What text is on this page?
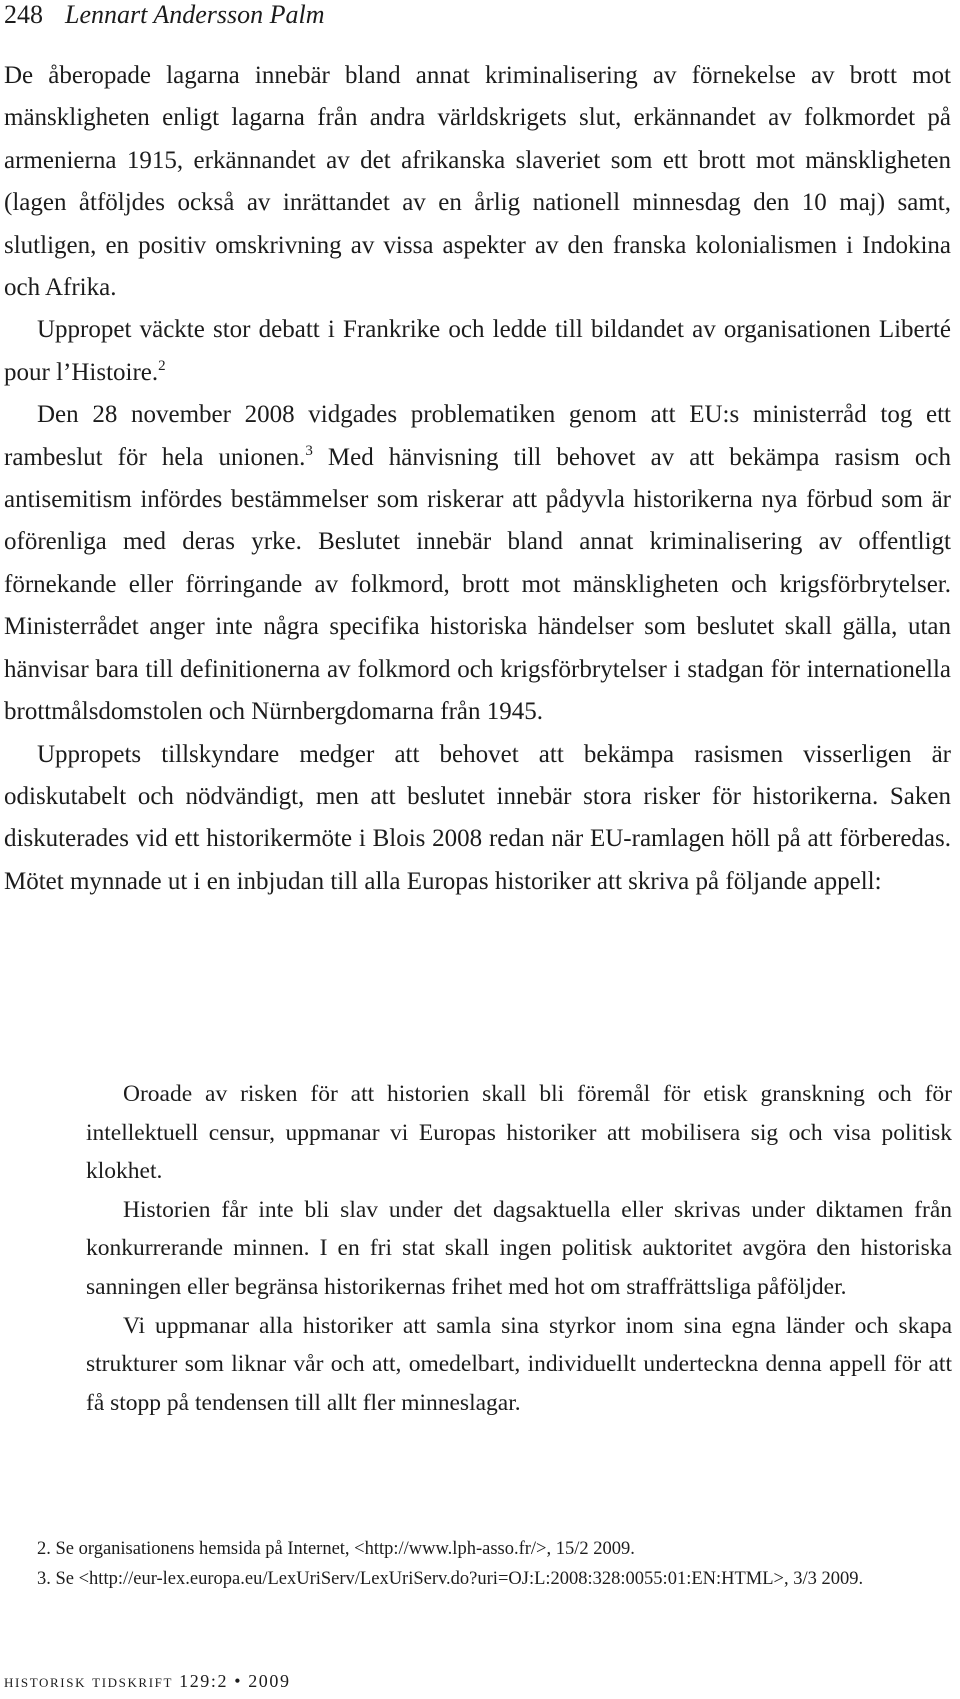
248 Lennart Andersson Palm

De åberopade lagarna innebär bland annat kriminalisering av förnekelse av brott mot mänskligheten enligt lagarna från andra världskrigets slut, erkännandet av folkmordet på armenierna 1915, erkännandet av det afrikanska slaveriet som ett brott mot mänskligheten (lagen åtföljdes också av inrättandet av en årlig nationell minnesdag den 10 maj) samt, slutligen, en positiv omskrivning av vissa aspekter av den franska kolonialismen i Indokina och Afrika.

Uppropet väckte stor debatt i Frankrike och ledde till bildandet av organisationen Liberté pour l’Histoire.$^2$

Den 28 november 2008 vidgades problematiken genom att EU:s ministerråd tog ett rambeslut för hela unionen.$^3$ Med hänvisning till behovet av att bekämpa rasism och antisemitism infördes bestämmelser som riskerar att pådyvla historikerna nya förbud som är oförenliga med deras yrke. Beslutet innebär bland annat kriminalisering av offentligt förnekande eller förringande av folkmord, brott mot mänskligheten och krigsförbrytelser. Ministerrådet anger inte några specifika historiska händelser som beslutet skall gälla, utan hänvisar bara till definitionerna av folkmord och krigsförbrytelser i stadgan för internationella brottmålsdomstolen och Nürnbergdomarna från 1945.

Uppropets tillskyndare medger att behovet att bekämpa rasismen visserligen är odiskutabelt och nödvändigt, men att beslutet innebär stora risker för historikerna. Saken diskuterades vid ett historikermöte i Blois 2008 redan när EU-ramlagen höll på att förberedas. Mötet mynnade ut i en inbjudan till alla Europas historiker att skriva på följande appell:

Oroade av risken för att historien skall bli föremål för etisk granskning och för intellektuell censur, uppmanar vi Europas historiker att mobilisera sig och visa politisk klokhet.

Historien får inte bli slav under det dagsaktuella eller skrivas under diktamen från konkurrerande minnen. I en fri stat skall ingen politisk auktoritet avgöra den historiska sanningen eller begränsa historikernas frihet med hot om straffrättsliga påföljder.

Vi uppmanar alla historiker att samla sina styrkor inom sina egna länder och skapa strukturer som liknar vår och att, omedelbart, individuellt underteckna denna appell för att få stopp på tendensen till allt fler minneslagar.

2. Se organisationens hemsida på Internet, <http://www.lph-asso.fr/>, 15/2 2009.

3. Se <http://eur-lex.europa.eu/LexUriServ/LexUriServ.do?uri=OJ:L:2008:328:0055:01:EN:HTML>, 3/3 2009.

historisk tidskrift 129:2 • 2009
